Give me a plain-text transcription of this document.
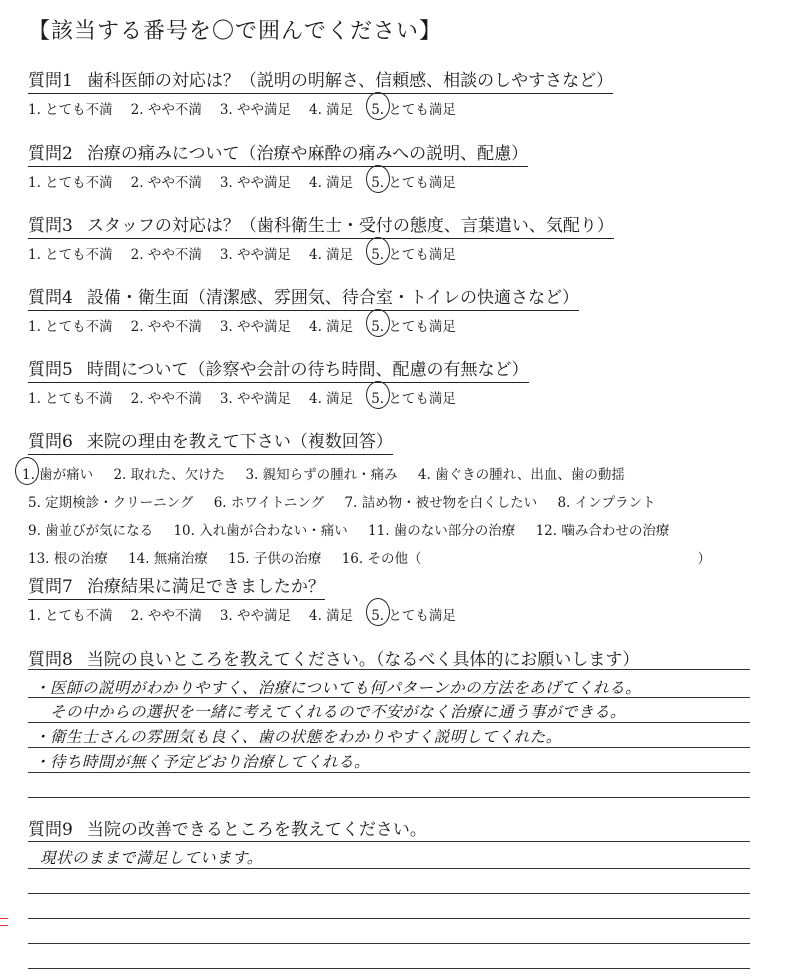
【該当する番号を〇で囲んでください】
質問1 歯科医師の対応は？（説明の明解さ、信頼感、相談のしやすさなど）
1. とても不満 2. やや不満 3. やや満足 4. 満足 5. とても満足
質問2 治療の痛みについて（治療や麻酔の痛みへの説明、配慮）
1. とても不満 2. やや不満 3. やや満足 4. 満足 5. とても満足
質問3 スタッフの対応は？（歯科衛生士・受付の態度、言葉遣い、気配り）
1. とても不満 2. やや不満 3. やや満足 4. 満足 5. とても満足
質問4 設備・衛生面（清潔感、雰囲気、待合室・トイレの快適さなど）
1. とても不満 2. やや不満 3. やや満足 4. 満足 5. とても満足
質問5 時間について（診察や会計の待ち時間、配慮の有無など）
1. とても不満 2. やや不満 3. やや満足 4. 満足 5. とても満足
質問6 来院の理由を教えて下さい（複数回答）
1. 歯が痛い 2. 取れた、欠けた 3. 親知らずの腫れ・痛み 4. 歯ぐきの腫れ、出血、歯の動揺
5. 定期検診・クリーニング 6. ホワイトニング 7. 詰め物・被せ物を白くしたい 8. インプラント
9. 歯並びが気になる 10. 入れ歯が合わない・痛い 11. 歯のない部分の治療 12. 噛み合わせの治療
13. 根の治療 14. 無痛治療 15. 子供の治療 16. その他（	）
質問7 治療結果に満足できましたか？
1. とても不満 2. やや不満 3. やや満足 4. 満足 5. とても満足
質問8 当院の良いところを教えてください。（なるべく具体的にお願いします）
・医師の説明がわかりやすく、治療についても何パターンかの方法をあげてくれる。
その中からの選択を一緒に考えてくれるので不安がなく治療に通う事ができる。
・衛生士さんの雰囲気も良く、歯の状態をわかりやすく説明してくれた。
・待ち時間が無く予定どおり治療してくれる。
質問9 当院の改善できるところを教えてください。
現状のままで満足しています。
